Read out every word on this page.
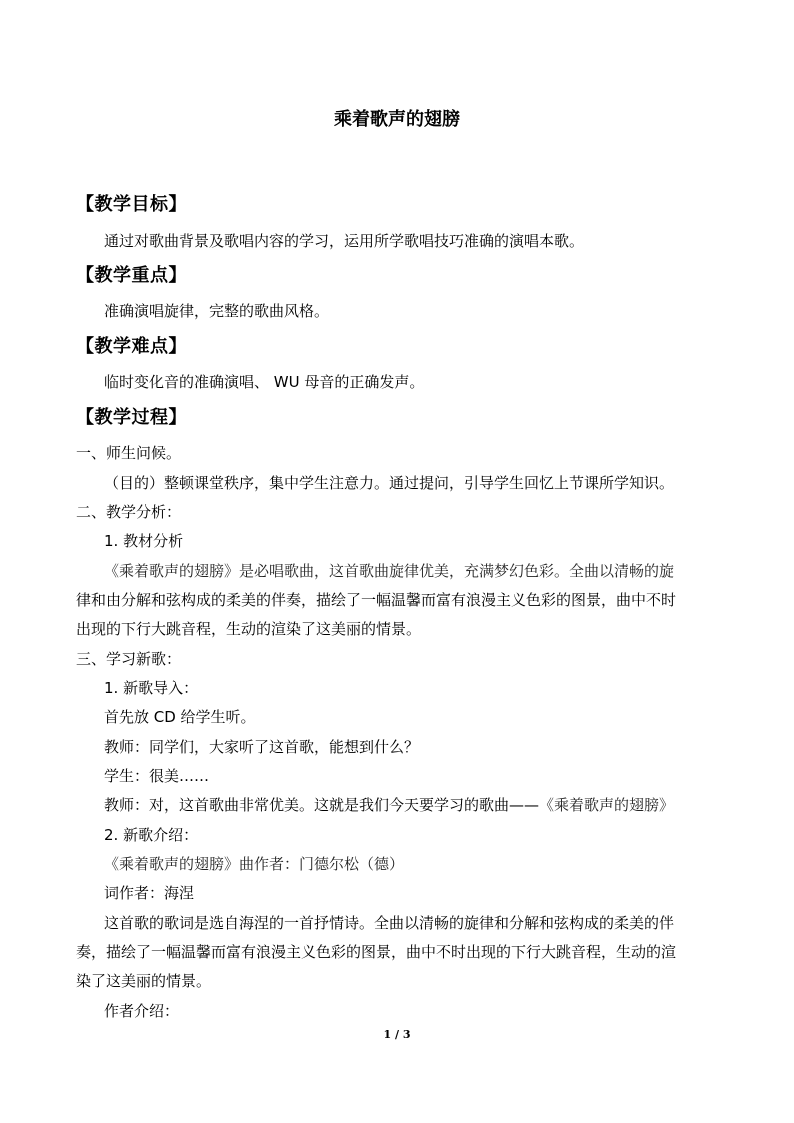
乘着歌声的翅膀
【教学目标】
通过对歌曲背景及歌唱内容的学习，运用所学歌唱技巧准确的演唱本歌。
【教学重点】
准确演唱旋律，完整的歌曲风格。
【教学难点】
临时变化音的准确演唱、 WU 母音的正确发声。
【教学过程】
一、师生问候。
（目的）整顿课堂秩序，集中学生注意力。通过提问，引导学生回忆上节课所学知识。
二、教学分析：
1. 教材分析
《乘着歌声的翅膀》是必唱歌曲，这首歌曲旋律优美，充满梦幻色彩。全曲以清畅的旋
律和由分解和弦构成的柔美的伴奏，描绘了一幅温馨而富有浪漫主义色彩的图景，曲中不时
出现的下行大跳音程，生动的渲染了这美丽的情景。
三、学习新歌：
1. 新歌导入：
首先放 CD 给学生听。
教师：同学们，大家听了这首歌，能想到什么？
学生：很美……
教师：对，这首歌曲非常优美。这就是我们今天要学习的歌曲——《乘着歌声的翅膀》
2. 新歌介绍：
《乘着歌声的翅膀》曲作者：门德尔松（德）
词作者：海涅
这首歌的歌词是选自海涅的一首抒情诗。全曲以清畅的旋律和分解和弦构成的柔美的伴
奏，描绘了一幅温馨而富有浪漫主义色彩的图景，曲中不时出现的下行大跳音程，生动的渲
染了这美丽的情景。
作者介绍：
1 / 3
